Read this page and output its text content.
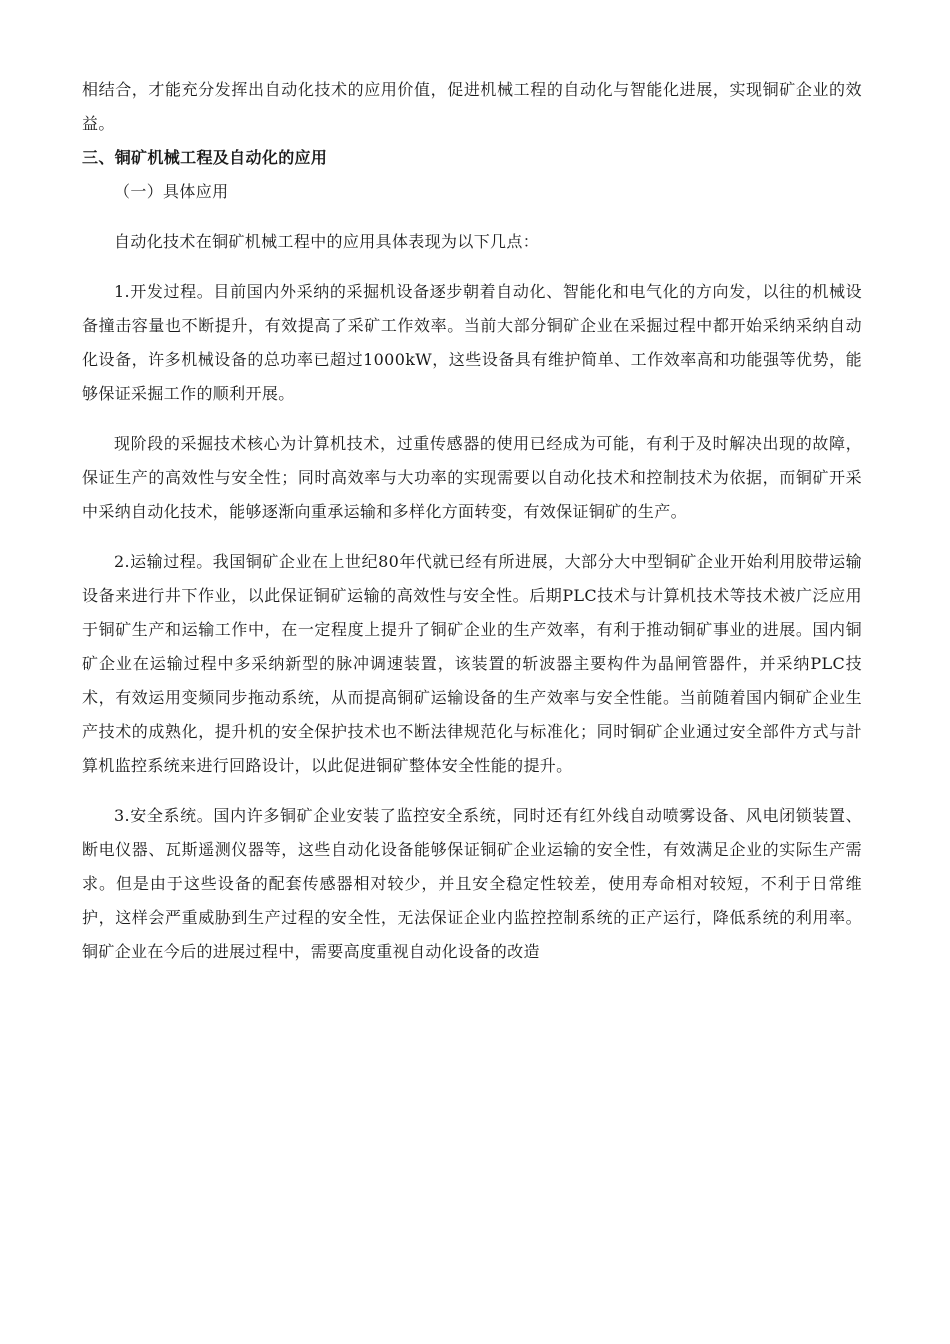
相结合，才能充分发挥出自动化技术的应用价值，促进机械工程的自动化与智能化进展，实现铜矿企业的效益。

三、铜矿机械工程及自动化的应用

（一）具体应用

自动化技术在铜矿机械工程中的应用具体表现为以下几点：

1.开发过程。目前国内外采纳的采掘机设备逐步朝着自动化、智能化和电气化的方向发，以往的机械设备撞击容量也不断提升，有效提高了采矿工作效率。当前大部分铜矿企业在采掘过程中都开始采纳采纳自动化设备，许多机械设备的总功率已超过1000kW，这些设备具有维护简单、工作效率高和功能强等优势，能够保证采掘工作的顺利开展。

现阶段的采掘技术核心为计算机技术，过重传感器的使用已经成为可能，有利于及时解决出现的故障，保证生产的高效性与安全性；同时高效率与大功率的实现需要以自动化技术和控制技术为依据，而铜矿开采中采纳自动化技术，能够逐渐向重承运输和多样化方面转变，有效保证铜矿的生产。

2.运输过程。我国铜矿企业在上世纪80年代就已经有所进展，大部分大中型铜矿企业开始利用胶带运输设备来进行井下作业，以此保证铜矿运输的高效性与安全性。后期PLC技术与计算机技术等技术被广泛应用于铜矿生产和运输工作中，在一定程度上提升了铜矿企业的生产效率，有利于推动铜矿事业的进展。国内铜矿企业在运输过程中多采纳新型的脉冲调速装置，该装置的斩波器主要构件为晶闸管器件，并采纳PLC技术，有效运用变频同步拖动系统，从而提高铜矿运输设备的生产效率与安全性能。当前随着国内铜矿企业生产技术的成熟化，提升机的安全保护技术也不断法律规范化与标准化；同时铜矿企业通过安全部件方式与計算机监控系统来进行回路设计，以此促进铜矿整体安全性能的提升。

3.安全系统。国内许多铜矿企业安装了监控安全系统，同时还有红外线自动喷雾设备、风电闭锁装置、断电仪器、瓦斯遥测仪器等，这些自动化设备能够保证铜矿企业运输的安全性，有效满足企业的实际生产需求。但是由于这些设备的配套传感器相对较少，并且安全稳定性较差，使用寿命相对较短，不利于日常维护，这样会严重威胁到生产过程的安全性，无法保证企业内监控控制系统的正产运行，降低系统的利用率。铜矿企业在今后的进展过程中，需要高度重视自动化设备的改造
